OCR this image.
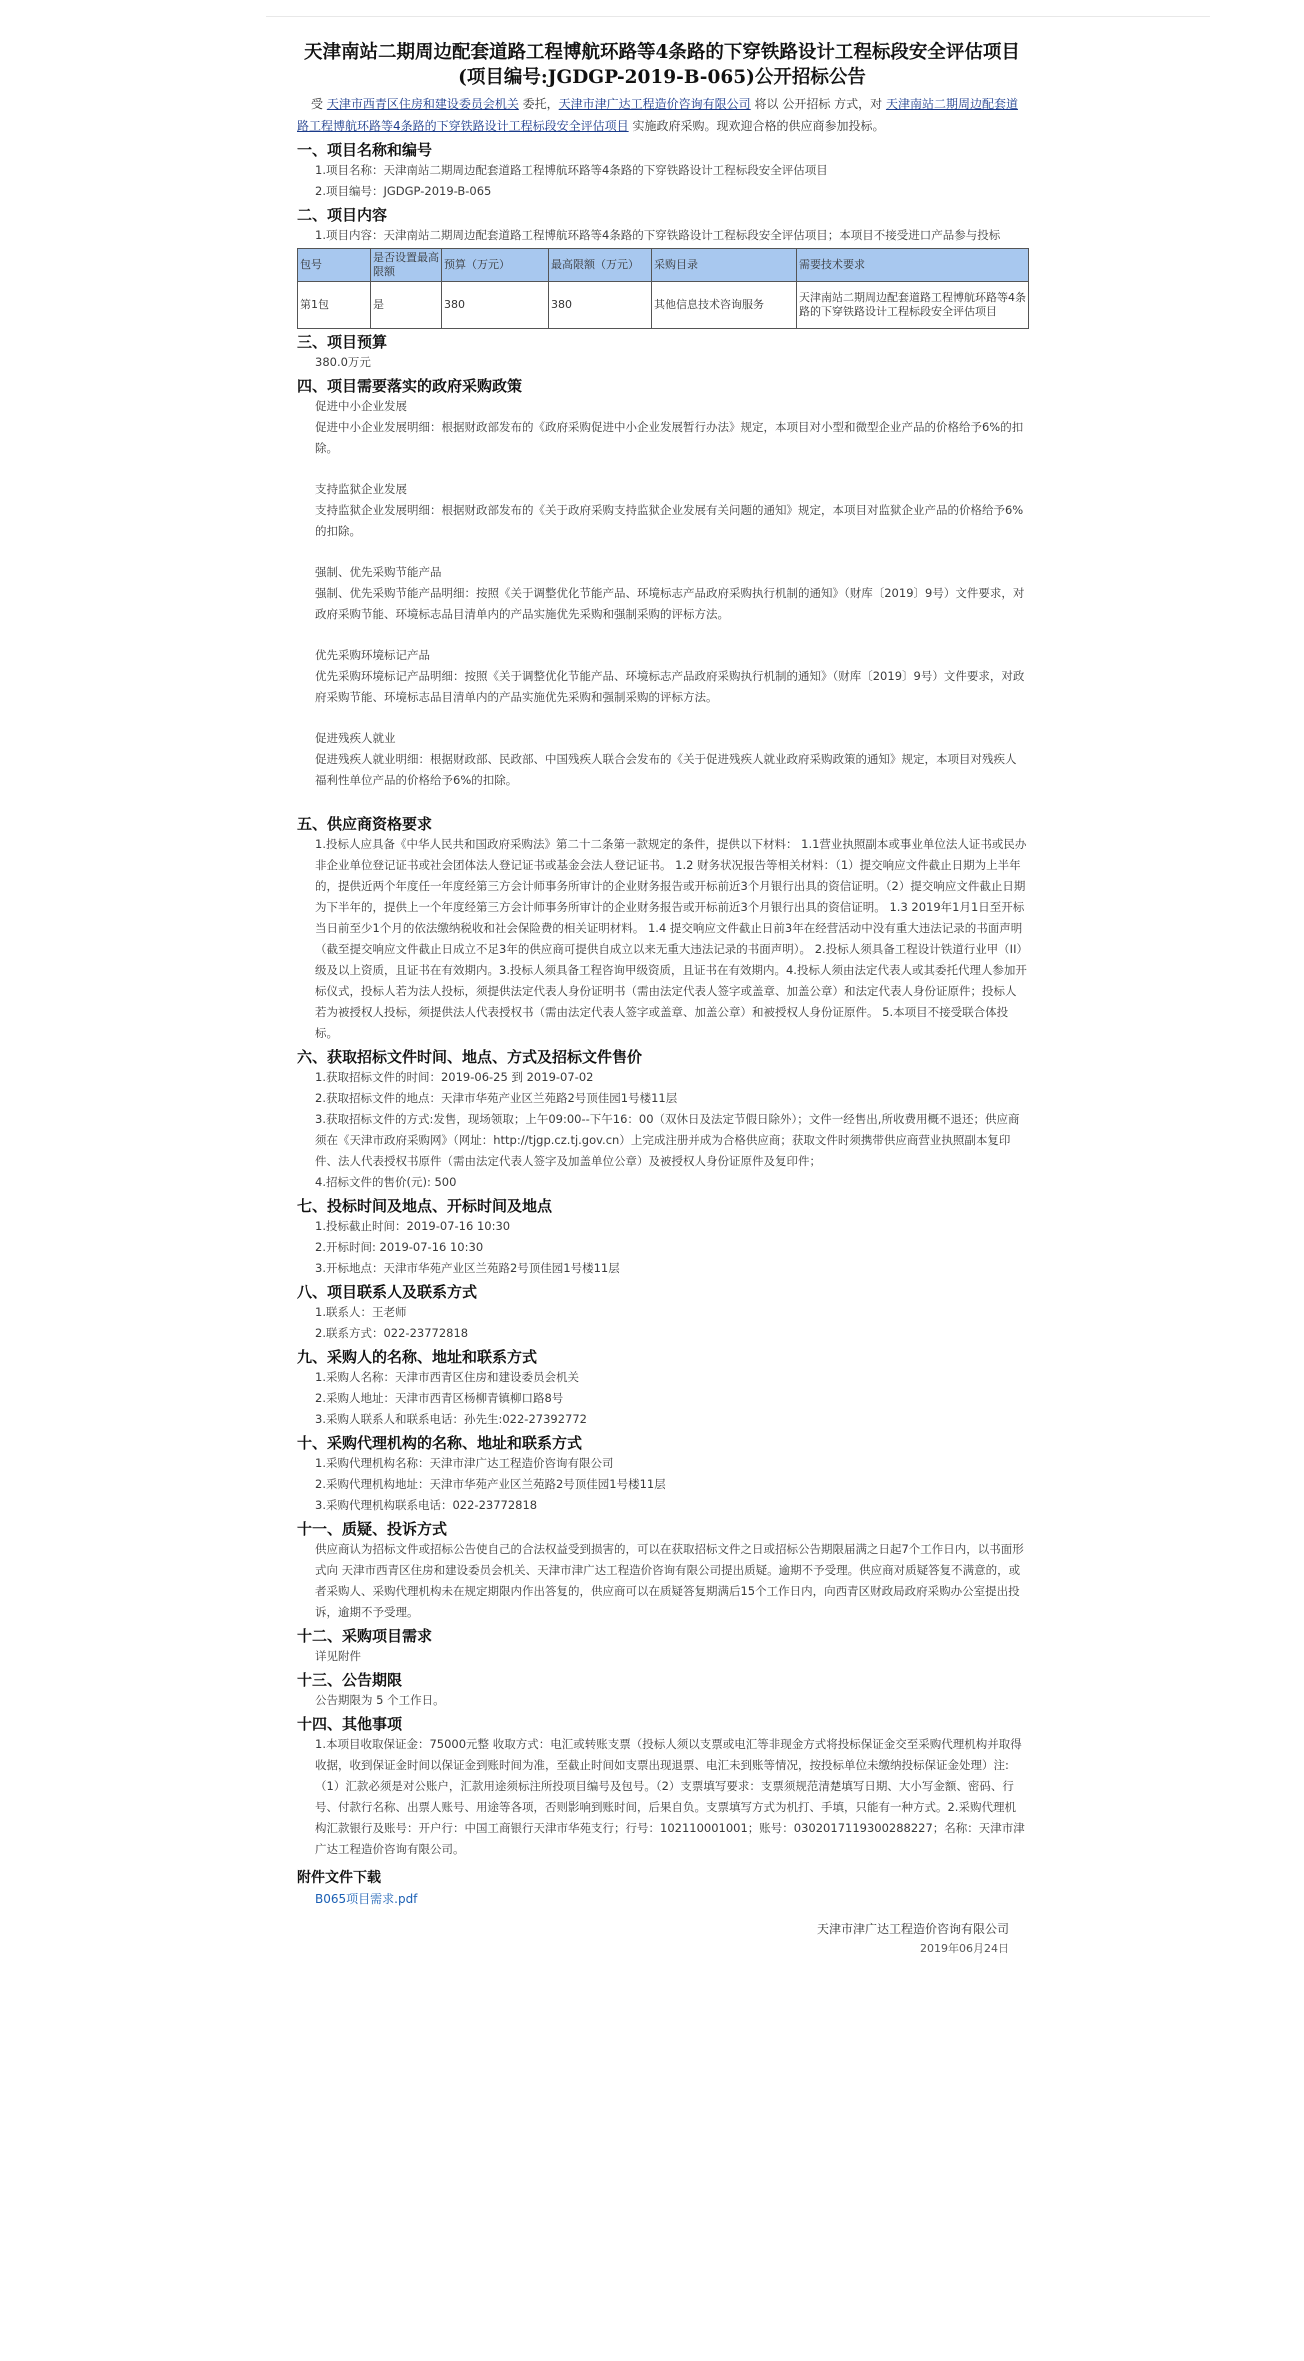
天津南站二期周边配套道路工程博航环路等4条路的下穿铁路设计工程标段安全评估项目
(项目编号:JGDGP-2019-B-065)公开招标公告

受 天津市西青区住房和建设委员会机关 委托，天津市津广达工程造价咨询有限公司 将以 公开招标 方式，对 天津南站二期周边配套道路工程博航环路等4条路的下穿铁路设计工程标段安全评估项目 实施政府采购。现欢迎合格的供应商参加投标。

一、项目名称和编号

1.项目名称：天津南站二期周边配套道路工程博航环路等4条路的下穿铁路设计工程标段安全评估项目

2.项目编号：JGDGP-2019-B-065

二、项目内容

1.项目内容：天津南站二期周边配套道路工程博航环路等4条路的下穿铁路设计工程标段安全评估项目；本项目不接受进口产品参与投标

包号	是否设置最高限额	预算（万元）	最高限额（万元）	采购目录	需要技术要求
第1包	是	380	380	其他信息技术咨询服务	天津南站二期周边配套道路工程博航环路等4条路的下穿铁路设计工程标段安全评估项目
三、项目预算

380.0万元

四、项目需要落实的政府采购政策

促进中小企业发展

促进中小企业发展明细：根据财政部发布的《政府采购促进中小企业发展暂行办法》规定，本项目对小型和微型企业产品的价格给予6%的扣除。

支持监狱企业发展

支持监狱企业发展明细：根据财政部发布的《关于政府采购支持监狱企业发展有关问题的通知》规定，本项目对监狱企业产品的价格给予6%的扣除。

强制、优先采购节能产品

强制、优先采购节能产品明细：按照《关于调整优化节能产品、环境标志产品政府采购执行机制的通知》（财库〔2019〕9号）文件要求，对政府采购节能、环境标志品目清单内的产品实施优先采购和强制采购的评标方法。

优先采购环境标记产品

优先采购环境标记产品明细：按照《关于调整优化节能产品、环境标志产品政府采购执行机制的通知》（财库〔2019〕9号）文件要求，对政府采购节能、环境标志品目清单内的产品实施优先采购和强制采购的评标方法。

促进残疾人就业

促进残疾人就业明细：根据财政部、民政部、中国残疾人联合会发布的《关于促进残疾人就业政府采购政策的通知》规定，本项目对残疾人福利性单位产品的价格给予6%的扣除。

五、供应商资格要求

1.投标人应具备《中华人民共和国政府采购法》第二十二条第一款规定的条件，提供以下材料： 1.1营业执照副本或事业单位法人证书或民办非企业单位登记证书或社会团体法人登记证书或基金会法人登记证书。 1.2 财务状况报告等相关材料：（1）提交响应文件截止日期为上半年的，提供近两个年度任一年度经第三方会计师事务所审计的企业财务报告或开标前近3个月银行出具的资信证明。（2）提交响应文件截止日期为下半年的，提供上一个年度经第三方会计师事务所审计的企业财务报告或开标前近3个月银行出具的资信证明。 1.3 2019年1月1日至开标当日前至少1个月的依法缴纳税收和社会保险费的相关证明材料。 1.4 提交响应文件截止日前3年在经营活动中没有重大违法记录的书面声明（截至提交响应文件截止日成立不足3年的供应商可提供自成立以来无重大违法记录的书面声明）。 2.投标人须具备工程设计铁道行业甲（II）级及以上资质，且证书在有效期内。3.投标人须具备工程咨询甲级资质，且证书在有效期内。4.投标人须由法定代表人或其委托代理人参加开标仪式，投标人若为法人投标，须提供法定代表人身份证明书（需由法定代表人签字或盖章、加盖公章）和法定代表人身份证原件；投标人若为被授权人投标，须提供法人代表授权书（需由法定代表人签字或盖章、加盖公章）和被授权人身份证原件。 5.本项目不接受联合体投标。

六、获取招标文件时间、地点、方式及招标文件售价

1.获取招标文件的时间：2019-06-25 到 2019-07-02

2.获取招标文件的地点：天津市华苑产业区兰苑路2号顶佳园1号楼11层

3.获取招标文件的方式:发售，现场领取；上午09:00--下午16：00（双休日及法定节假日除外）；文件一经售出,所收费用概不退还；供应商须在《天津市政府采购网》（网址：http://tjgp.cz.tj.gov.cn）上完成注册并成为合格供应商；获取文件时须携带供应商营业执照副本复印件、法人代表授权书原件（需由法定代表人签字及加盖单位公章）及被授权人身份证原件及复印件；

4.招标文件的售价(元): 500

七、投标时间及地点、开标时间及地点

1.投标截止时间：2019-07-16 10:30

2.开标时间: 2019-07-16 10:30

3.开标地点：天津市华苑产业区兰苑路2号顶佳园1号楼11层

八、项目联系人及联系方式

1.联系人：王老师

2.联系方式：022-23772818

九、采购人的名称、地址和联系方式

1.采购人名称：天津市西青区住房和建设委员会机关

2.采购人地址：天津市西青区杨柳青镇柳口路8号

3.采购人联系人和联系电话：孙先生:022-27392772

十、采购代理机构的名称、地址和联系方式

1.采购代理机构名称：天津市津广达工程造价咨询有限公司

2.采购代理机构地址：天津市华苑产业区兰苑路2号顶佳园1号楼11层

3.采购代理机构联系电话：022-23772818

十一、质疑、投诉方式

供应商认为招标文件或招标公告使自己的合法权益受到损害的，可以在获取招标文件之日或招标公告期限届满之日起7个工作日内，以书面形式向 天津市西青区住房和建设委员会机关、天津市津广达工程造价咨询有限公司提出质疑。逾期不予受理。供应商对质疑答复不满意的，或者采购人、采购代理机构未在规定期限内作出答复的，供应商可以在质疑答复期满后15个工作日内，向西青区财政局政府采购办公室提出投诉，逾期不予受理。

十二、采购项目需求

详见附件

十三、公告期限

公告期限为 5 个工作日。

十四、其他事项

1.本项目收取保证金：75000元整 收取方式：电汇或转账支票（投标人须以支票或电汇等非现金方式将投标保证金交至采购代理机构并取得收据，收到保证金时间以保证金到账时间为准，至截止时间如支票出现退票、电汇未到账等情况，按投标单位未缴纳投标保证金处理）注:（1）汇款必须是对公账户，汇款用途须标注所投项目编号及包号。（2）支票填写要求：支票须规范清楚填写日期、大小写金额、密码、行号、付款行名称、出票人账号、用途等各项，否则影响到账时间，后果自负。支票填写方式为机打、手填，只能有一种方式。2.采购代理机构汇款银行及账号：开户行：中国工商银行天津市华苑支行；行号：102110001001；账号：0302017119300288227；名称：天津市津广达工程造价咨询有限公司。

附件文件下载
B065项目需求.pdf
天津市津广达工程造价咨询有限公司
2019年06月24日
